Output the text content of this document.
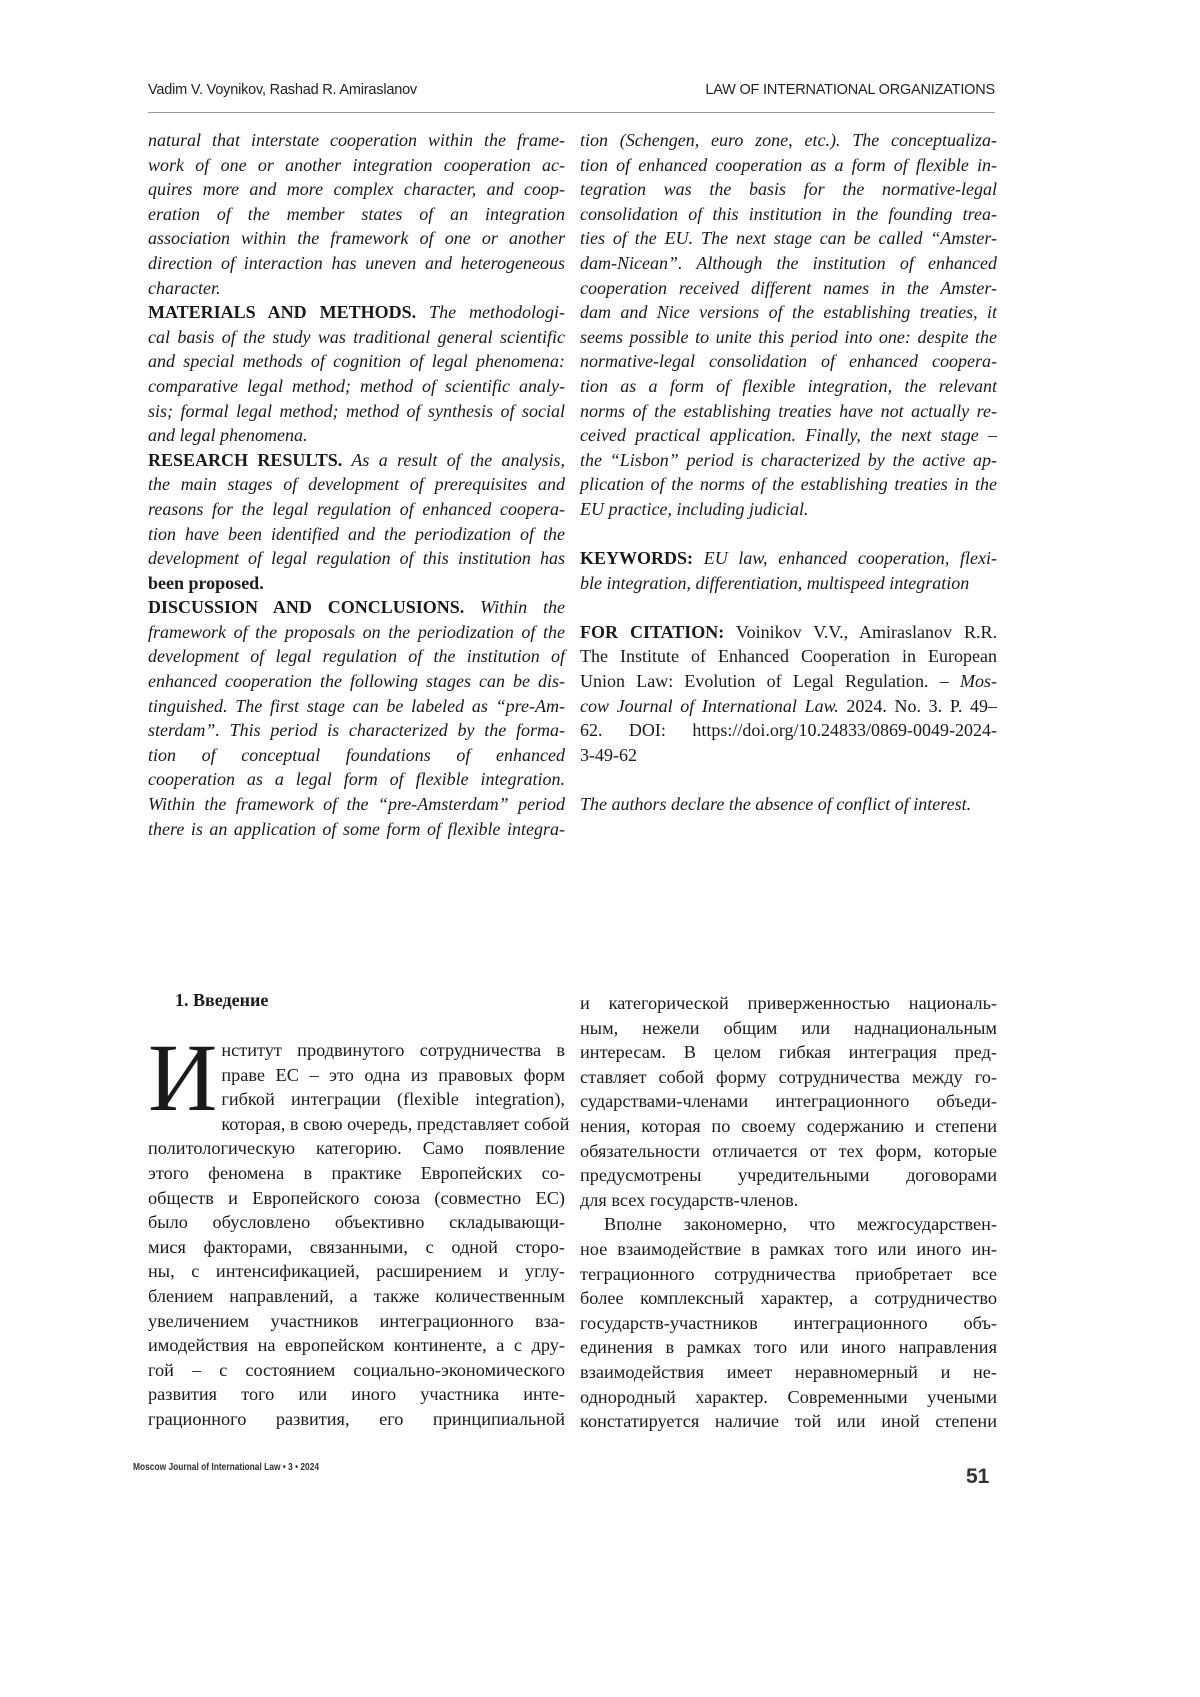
Vadim V. Voynikov, Rashad R. Amiraslanov	LAW OF INTERNATIONAL ORGANIZATIONS
natural that interstate cooperation within the frame-
work of one or another integration cooperation ac-
quires more and more complex character, and coop-
eration of the member states of an integration
association within the framework of one or another
direction of interaction has uneven and heterogeneous
character.
MATERIALS AND METHODS. The methodologi-
cal basis of the study was traditional general scientific
and special methods of cognition of legal phenomena:
comparative legal method; method of scientific analy-
sis; formal legal method; method of synthesis of social
and legal phenomena.
RESEARCH RESULTS. As a result of the analysis,
the main stages of development of prerequisites and
reasons for the legal regulation of enhanced coopera-
tion have been identified and the periodization of the
development of legal regulation of this institution has
been proposed.
DISCUSSION AND CONCLUSIONS. Within the
framework of the proposals on the periodization of the
development of legal regulation of the institution of
enhanced cooperation the following stages can be dis-
tinguished. The first stage can be labeled as “pre-Am-
sterdam”. This period is characterized by the forma-
tion of conceptual foundations of enhanced
cooperation as a legal form of flexible integration.
Within the framework of the “pre-Amsterdam” period
there is an application of some form of flexible integra-
tion (Schengen, euro zone, etc.). The conceptualiza-
tion of enhanced cooperation as a form of flexible in-
tegration was the basis for the normative-legal
consolidation of this institution in the founding trea-
ties of the EU. The next stage can be called “Amster-
dam-Nicean”. Although the institution of enhanced
cooperation received different names in the Amster-
dam and Nice versions of the establishing treaties, it
seems possible to unite this period into one: despite the
normative-legal consolidation of enhanced coopera-
tion as a form of flexible integration, the relevant
norms of the establishing treaties have not actually re-
ceived practical application. Finally, the next stage –
the “Lisbon” period is characterized by the active ap-
plication of the norms of the establishing treaties in the
EU practice, including judicial.
KEYWORDS: EU law, enhanced cooperation, flexi-
ble integration, differentiation, multispeed integration
FOR CITATION: Voinikov V.V., Amiraslanov R.R.
The Institute of Enhanced Cooperation in European
Union Law: Evolution of Legal Regulation. – Mos-
cow Journal of International Law. 2024. No. 3. P. 49–
62. DOI: https://doi.org/10.24833/0869-0049-2024-
3-49-62
The authors declare the absence of conflict of interest.
1. Введение
И нститут продвинутого сотрудничества в
праве ЕС – это одна из правовых форм
гибкой интеграции (flexible integration),
которая, в свою очередь, представляет собой
политологическую категорию. Само появление
этого феномена в практике Европейских со-
обществ и Европейского союза (совместно ЕС)
было обусловлено объективно складывающи-
мися факторами, связанными, с одной сторо-
ны, с интенсификацией, расширением и углу-
блением направлений, а также количественным
увеличением участников интеграционного вза-
имодействия на европейском континенте, а с дру-
гой – с состоянием социально-экономического
развития того или иного участника инте-
грационного развития, его принципиальной
и категорической приверженностью националь-
ным, нежели общим или наднациональным
интересам. В целом гибкая интеграция пред-
ставляет собой форму сотрудничества между го-
сударствами-членами интеграционного объеди-
нения, которая по своему содержанию и степени
обязательности отличается от тех форм, которые
предусмотрены учредительными договорами
для всех государств-членов.
Вполне закономерно, что межгосударствен-
ное взаимодействие в рамках того или иного ин-
теграционного сотрудничества приобретает все
более комплексный характер, а сотрудничество
государств-участников интеграционного объ-
единения в рамках того или иного направления
взаимодействия имеет неравномерный и не-
однородный характер. Современными учеными
констатируется наличие той или иной степени
Moscow Journal of International Law • 3 • 2024	51
